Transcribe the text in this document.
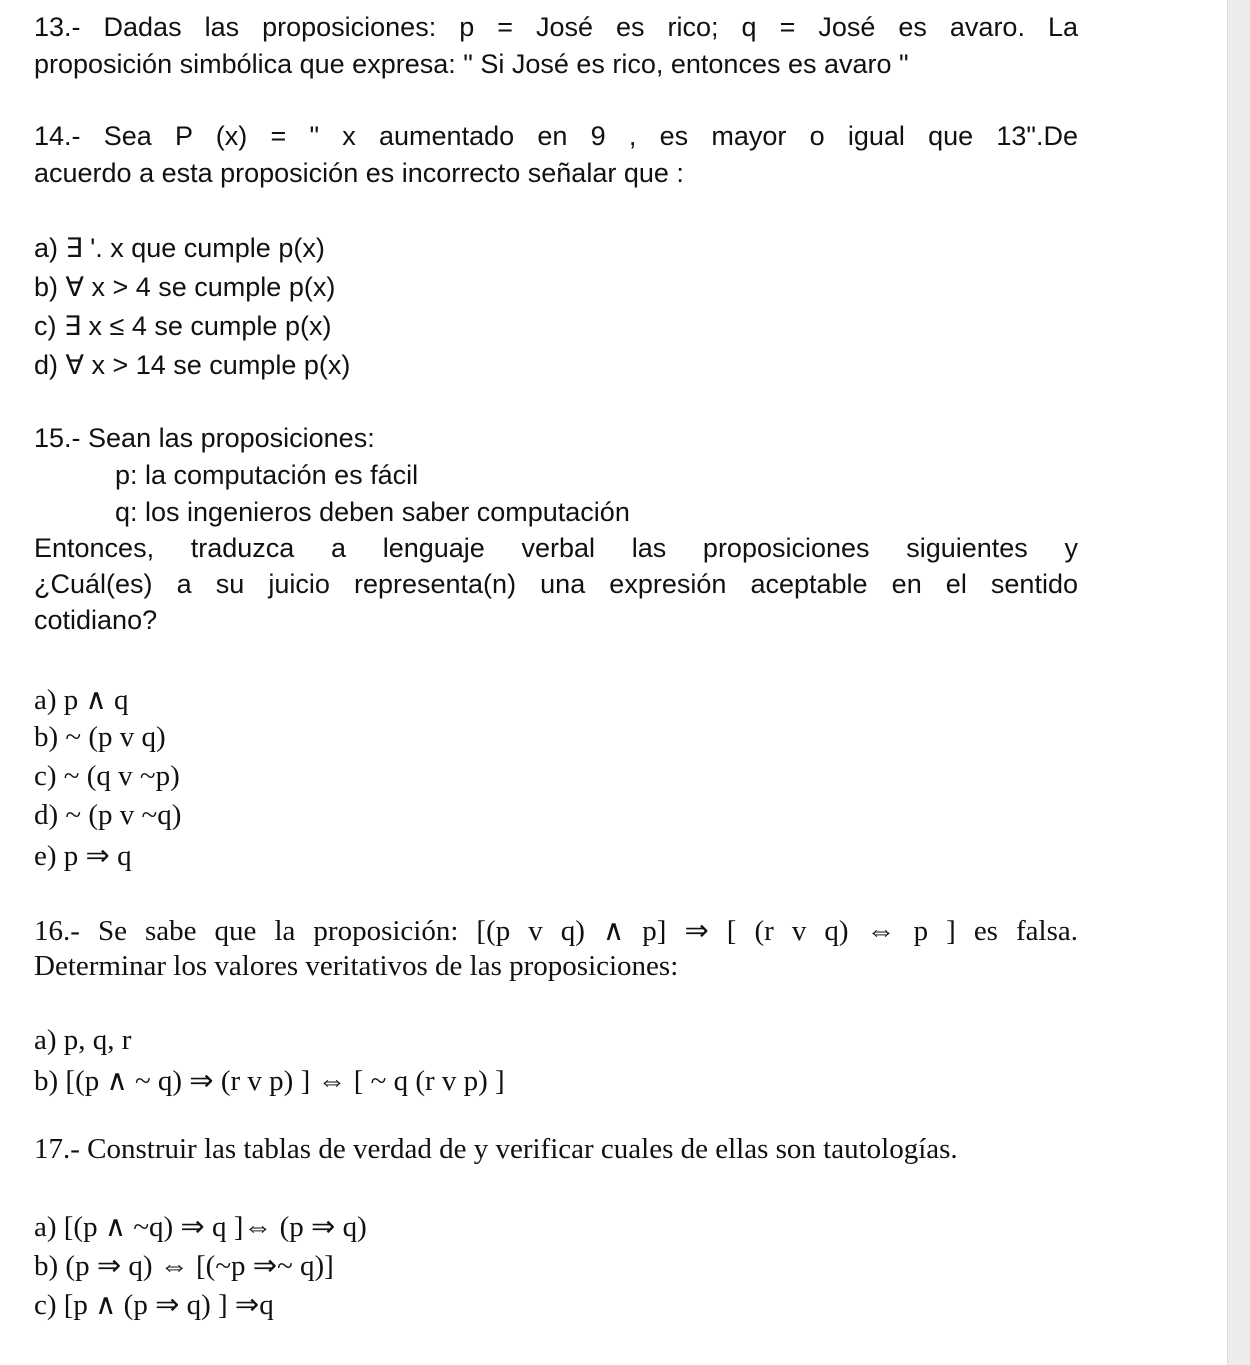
13.- Dadas las proposiciones: p = José es rico; q = José es avaro. La
proposición simbólica que expresa: " Si José es rico, entonces es avaro "
14.- Sea P (x) = " x aumentado en 9 , es mayor o igual que 13".De
acuerdo a esta proposición es incorrecto señalar que :
a) ∃ '. x que cumple p(x)
b) ∀ x > 4 se cumple p(x)
c) ∃ x ≤ 4 se cumple p(x)
d) ∀ x > 14 se cumple p(x)
15.- Sean las proposiciones:
p: la computación es fácil
q: los ingenieros deben saber computación
Entonces, traduzca a lenguaje verbal las proposiciones siguientes y
¿Cuál(es) a su juicio representa(n) una expresión aceptable en el sentido
cotidiano?
a) p ∧ q
b) ~ (p v q)
c) ~ (q v ~p)
d) ~ (p v ~q)
e) p ⇒ q
16.- Se sabe que la proposición: [(p v q) ∧ p] ⇒ [ (r v q) ⇔ p ] es falsa.
Determinar los valores veritativos de las proposiciones:
a) p, q, r
b) [(p ∧ ~ q) ⇒ (r v p) ] ⇔ [ ~ q (r v p) ]
17.- Construir las tablas de verdad de y verificar cuales de ellas son tautologías.
a) [(p ∧ ~q) ⇒ q ]⇔ (p ⇒ q)
b) (p ⇒ q) ⇔ [(~p ⇒~ q)]
c) [p ∧ (p ⇒ q) ] ⇒q
